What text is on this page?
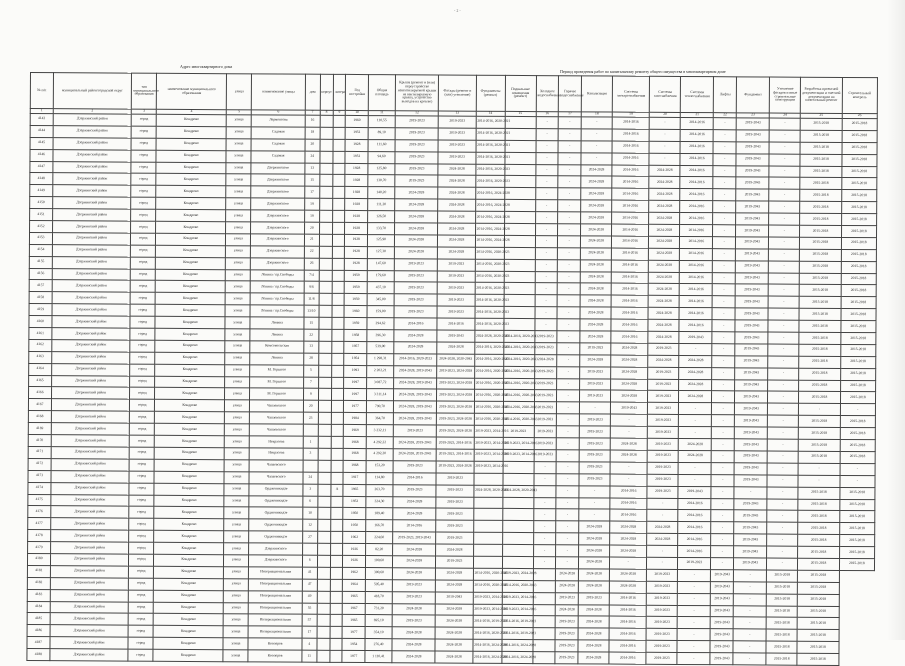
- 2 -
Адрес многоквартирного дома
Период проведения работ по капитальному ремонту общего имущества в многоквартирном доме
№ п/п	муниципальный район/городской округ	тип муниципального образования	наименование муниципального образования	улица	наименование улицы	дом	корпус	литера	Год постройки	Общая площадь	Крыша (ремонт и (или) переустройство невентилируемой крыши на вентилируемую крышу, устройство выходов на кровлю)	Фасады (ремонт и (или) утепление)	Фундаменты (ремонт)	Подвальные помещения (ремонт)	Холодное водоснабжение	Горячее водоснабжение	Канализация	Системы электроснабжения	Системы газоснабжения	Системы теплоснабжения	Лифты	Фундамент	Утепление фасадов и иные строительные конструкции	Разработка проектной документации и сметной документации на капитальный ремонт	Строительный контроль
1	2	3	4	5	6	7	8	9	10	11	12	13	14	15	16	17	18	19	20	21	22	23	24	25	26
4143	Дзержинский район	город	Кондрово	улица	Лермонтова	16			1960	110,55	2019-2023	2019-2023	2014-2016, 2020-2021		-	-	-	2014-2016	-	2014-2016	-	2019-2043	-	2015-2018	2015-2018
4144	Дзержинский район	город	Кондрово	улица	Садовая	18			1951	89,10	2019-2023	2019-2023	2014-2016, 2020-2021		-	-	-	2014-2016	-	2014-2016	-	2019-2043	-	2015-2018	2015-2018
4145	Дзержинский район	город	Кондрово	улица	Садовая	20			1928	111,60	2019-2023	2019-2023	2014-2016, 2020-2021		-	-	-	2014-2016	-	2014-2016	-	2019-2043	-	2015-2018	2015-2018
4146	Дзержинский район	город	Кондрово	улица	Садовая	24			1951	94,60	2019-2023	2019-2023	2014-2016, 2020-2021		-	-	-	2014-2016	-	2014-2016	-	2019-2043	-	2015-2018	2015-2018
4147	Дзержинский район	город	Кондрово	улица	Дзержинского	13			1928	125,80	2019-2023	2024-2028	2014-2016, 2020-2023		-	-	2024-2028	2014-2016	2024-2028	2014-2016	-	2019-2043	-	2015-2018	2015-2018
4148	Дзержинский район	город	Кондрово	улица	Дзержинского	15			1928	130,70	2019-2023	2024-2028	2014-2016, 2020-2023		-	-	2024-2028	2014-2016	2024-2028	2014-2016	-	2019-2043	-	2015-2018	2015-2018
4149	Дзержинский район	город	Кондрово	улица	Дзержинского	17			1928	140,20	2024-2028	2024-2028	2014-2016, 2024-2028		-	-	2024-2028	2014-2016	2024-2028	2014-2016	-	2019-2043	-	2015-2018	2015-2018
4150	Дзержинский район	город	Кондрово	улица	Дзержинского	19			1928	111,20	2024-2028	2024-2028	2014-2016, 2024-2028		-	-	2024-2028	2014-2016	2024-2028	2014-2016	-	2019-2043	-	2015-2018	2015-2018
4151	Дзержинский район	город	Кондрово	улица	Дзержинского	19			1928	126,50	2024-2028	2024-2028	2014-2016, 2024-2028		-	-	2024-2028	2014-2016	2024-2028	2014-2016	-	2019-2043	-	2015-2018	2015-2018
4152	Дзержинский район	город	Кондрово	улица	Дзержинского	20			1928	133,70	2024-2028	2024-2028	2014-2016, 2024-2028		-	-	2024-2028	2014-2016	2024-2028	2014-2016	-	2019-2043	-	2015-2018	2015-2018
4153	Дзержинский район	город	Кондрово	улица	Дзержинского	21			1928	125,90	2024-2028	2024-2028	2014-2016, 2024-2028		-	-	2024-2028	2014-2016	2024-2028	2014-2016	-	2019-2043	-	2015-2018	2015-2018
4154	Дзержинский район	город	Кондрово	улица	Дзержинского	22			1928	127,30	2024-2028	2024-2028	2014-2016, 2020-2023		-	-	2024-2028	2014-2016	2024-2028	2014-2016	-	2019-2043	-	2015-2018	2015-2018
4155	Дзержинский район	город	Кондрово	улица	Дзержинского	26			1928	147,60	2019-2023	2019-2023	2014-2016, 2020-2023		-	-	2024-2028	2014-2016	2024-2028	2014-2016	-	2019-2043	-	2015-2018	2015-2018
4156	Дзержинский район	город	Кондрово	улица	Ленина / пр.Свободы	7/4			1959	179,60	2019-2023	2019-2023	2014-2016, 2020-2023		-	-	2024-2028	2014-2016	2024-2028	2014-2016	-	2019-2043	-	2015-2018	2015-2018
4157	Дзержинский район	город	Кондрово	улица	Ленина / пр.Свободы	9/6			1959	437,10	2019-2023	2019-2023	2014-2016, 2020-2023		-	-	2024-2028	2014-2016	2024-2028	2014-2016	-	2019-2043	-	2015-2018	2015-2018
4158	Дзержинский район	город	Кондрово	улица	Ленина / пр.Свободы	11/8			1959	345,00	2019-2023	2019-2023	2014-2016, 2020-2023		-	-	2024-2028	2014-2016	2024-2028	2014-2016	-	2019-2043	-	2015-2018	2015-2018
4159	Дзержинский район	город	Кондрово	улица	Ленина / пр.Свободы	13/10			1960	159,00	2019-2023	2019-2023	2014-2016, 2020-2023		-	-	2024-2028	2014-2016	2024-2028	2014-2016	-	2019-2043	-	2015-2018	2015-2018
4160	Дзержинский район	город	Кондрово	улица	Ленина	15			1959	294,62	2014-2016	2014-2016	2014-2016, 2020-2023		-	-	2024-2028	2014-2016	2024-2028	2014-2016	-	2019-2043	-	2015-2018	2015-2018
4161	Дзержинский район	город	Кондрово	улица	Ленина	22			1958	396,30	2024-2028	2019-2043	2024-2028, 2020-2043	2014-2016, 2020-2043	2019-2023	-	2024-2028	2014-2016	2024-2028	2019-2043	-	2019-2043	-	2015-2018	2015-2018
4162	Дзержинский район	город	Кондрово	улица	Комсомольская	13			1957	539,00	2024-2028	2024-2028	2014-2016, 2020-2043	2014-2016, 2020-2043	2019-2023	-	2019-2023	2024-2028	2019-2023	-	-	2019-2043	-	2015-2018	2015-2018
4163	Дзержинский район	город	Кондрово	улица	Ленина	28			1954	1 298,31	2014-2016, 2020-2023	2024-2028, 2020-2043	2014-2016, 2020-2043	2014-2016, 2020-2043	2024-2028	-	2024-2028	2024-2028	2024-2028	2024-2028	-	2019-2043	-	2015-2018	2015-2018
4164	Дзержинский район	город	Кондрово	улица	М. Горького	5			1993	2 202,21	2024-2028, 2019-2043	2019-2023, 2024-2028	2014-2016, 2020-2043	2014-2016, 2020-2043	2019-2023	-	2019-2023	2024-2028	2019-2023	2024-2028	-	2019-2043	-	2015-2018	2015-2018
4165	Дзержинский район	город	Кондрово	улица	М. Горького	7			1997	3 087,72	2024-2028, 2019-2043	2019-2023, 2024-2028	2014-2016, 2020-2043	2014-2016, 2020-2043	2019-2023	-	2019-2023	2024-2028	2019-2023	2024-2028	-	2019-2043	-	2015-2018	2015-2018
4166	Дзержинский район	город	Кондрово	улица	М. Горького	9			1997	3 311,14	2024-2028, 2019-2043	2019-2023, 2024-2028	2014-2016, 2020-2043	2014-2016, 2020-2043	2019-2023	-	2019-2023	2024-2028	2019-2023	2024-2028	-	2019-2043	-	2015-2018	2015-2018
4167	Дзержинский район	город	Кондрово	улица	Чапаевского	20			1977	790,70	2024-2028, 2019-2043	2019-2023, 2024-2028	2014-2016, 2020-2043	2014-2016, 2020-2043	2019-2023	-	-	2019-2043	2019-2023	-	-	2019-2043	-	-	-
4168	Дзержинский район	город	Кондрово	улица	Чапаевского	23			1984	364,70	2024-2028, 2019-2043	2019-2023, 2024-2028	2014-2016, 2020-2043	2014-2016, 2020-2043	2019-2023	-	2019-2023	-	2019-2023	-	-	2019-2043	-	2015-2018	2015-2018
4169	Дзержинский район	город	Кондрово	улица	Чапаевского				1969	3 232,11	2019-2023	2019-2023, 2024-2028	2019-2023, 2014-2016	2019-2023	2019-2023	-	2019-2023	-	2019-2023	-	-	2019-2043	-	2015-2018	2015-2018
4170	Дзержинский район	город	Кондрово	улица	Некрасова	1			1968	4 292,22	2024-2028, 2019-2043	2019-2023, 2014-2016	2019-2023, 2014-2016	2019-2023, 2014-2016	2019-2023	-	2019-2023	2024-2028	2019-2023	2024-2028	-	2019-2043	-	2015-2018	2015-2018
4171	Дзержинский район	город	Кондрово	улица	Некрасова	3			1968	4 292,20	2024-2028, 2019-2043	2019-2023, 2014-2016	2019-2023, 2014-2016	2019-2023, 2014-2016	2019-2023	-	2019-2023	2024-2028	2019-2023	2024-2028	-	2019-2043	-	2015-2018	2015-2018
4172	Дзержинский район	город	Кондрово	улица	Чапаевского				1968	153,20	2019-2023	2019-2023, 2024-2028	2019-2023, 2014-2016		-	-	2019-2023	-	2019-2023	-	-	2019-2043	-	-	-
4173	Дзержинский район	город	Кондрово	улица	Чапаевского	24			1917	114,80	2014-2016	2019-2023			-	-	2019-2023	-	2019-2023	-	-	2019-2043	-	-	-
4174	Дзержинский район	город	Кондрово	улица	Орджоникидзе	3		А	1965	263,70	2019-2023	2019-2023	2024-2028, 2020-2043	2024-2028, 2020-2043		-	-	2014-2016	2019-2023	2019-2043	-	-	-	2015-2018	2015-2018
4175	Дзержинский район	город	Кондрово	улица	Орджоникидзе	6			1953	324,30	2024-2028	2019-2023			-	-	-	2014-2016	-	2014-2016	-	2019-2043	-	2015-2018	2015-2018
4176	Дзержинский район	город	Кондрово	улица	Орджоникидзе	10			1950	189,40	2024-2028	2019-2023			-	-	-	2014-2016	-	2014-2016	-	2019-2043	-	2015-2018	2015-2018
4177	Дзержинский район	город	Кондрово	улица	Орджоникидзе	12			1950	166,70	2014-2016	2019-2023			-	-	2024-2028	2024-2028	2024-2028	2014-2016	-	2019-2043	-	2015-2018	2015-2018
4178	Дзержинский район	город	Кондрово	улица	Орджоникидзе	27			1962	224,60	2019-2023, 2019-2043	2019-2023			-	-	2024-2028	2024-2028	2024-2028	2014-2016	-	2019-2043	-	2015-2018	2015-2018
4179	Дзержинский район	город	Кондрово	улица	Дзержинского				1926	82,20	2024-2028	2024-2028			-	-	2024-2028	2024-2028	-	2014-2016	-	2019-2043	-	2015-2018	2015-2018
4180	Дзержинский район	город	Кондрово	улица	Дзержинского	6			1926	100,60	2024-2028	2019-2023			-	-	2024-2028	-	-	2019-2023	-	2019-2043	-	2015-2018	2015-2018
4181	Дзержинский район	город	Кондрово	улица	Интернациональная	41			1962	300,60	2024-2028	2024-2028	2014-2016, 2020-2043	2019-2023, 2024-2028		2024-2028	2024-2028	2024-2028	2019-2023	-	2019-2043	-	2015-2018	2015-2018	
4182	Дзержинский район	город	Кондрово	улица	Интернациональная	47			1964	595,40	2019-2023	2024-2028	2014-2016, 2020-2043	2014-2016, 2020-2043		2024-2028	2024-2028	2024-2028	2019-2023	-	2019-2043	-	2015-2018	2015-2018	
4183	Дзержинский район	город	Кондрово	улица	Интернациональная	49			1965	418,70	2019-2023	2019-2043	2019-2023, 2014-2016	2019-2023, 2014-2016		2019-2023	2019-2023	2014-2016	2019-2023	-	2019-2043	-	2015-2018	2015-2018	
4184	Дзержинский район	город	Кондрово	улица	Интернациональная	55			1967	731,20	2024-2028	2024-2028	2019-2023, 2014-2016	2019-2023, 2014-2016		2024-2028	2024-2028	2014-2016	2019-2023	-	2019-2043	-	2015-2018	2015-2018	
4185	Дзержинский район	город	Кондрово	улица	Интернациональная	57			1965	695,10	2019-2023	2024-2028	2014-2016, 2019-2023	2014-2016, 2019-2023		2019-2023	2024-2028	2014-2016	2019-2023	-	2019-2043	-	2015-2018	2015-2018	
4186	Дзержинский район	город	Кондрово	улица	Интернациональная	17			1977	354,10	2024-2028	2024-2028	2014-2016, 2020-2023	2014-2016, 2019-2023		2019-2023	2024-2028	2014-2016	2019-2023	-	2019-2043	-	2015-2018	2015-2018	
4187	Дзержинский район	город	Кондрово	улица	Кооперов	4			1954	276,40	2024-2028	2024-2028	2014-2016, 2024-2028	2014-2016, 2024-2028		2019-2023	2024-2028	2014-2016	2019-2023	-	2019-2043	-	2015-2018	2015-2018	
4188	Дзержинский район	город	Кондрово	улица	Кооперов	11			1977	1 110,41	2024-2028	2024-2028	2014-2016, 2024-2028	2014-2016, 2024-2028		2019-2023	2024-2028	2014-2016	2019-2023	-	2019-2043	-	2015-2018	2015-2018	
